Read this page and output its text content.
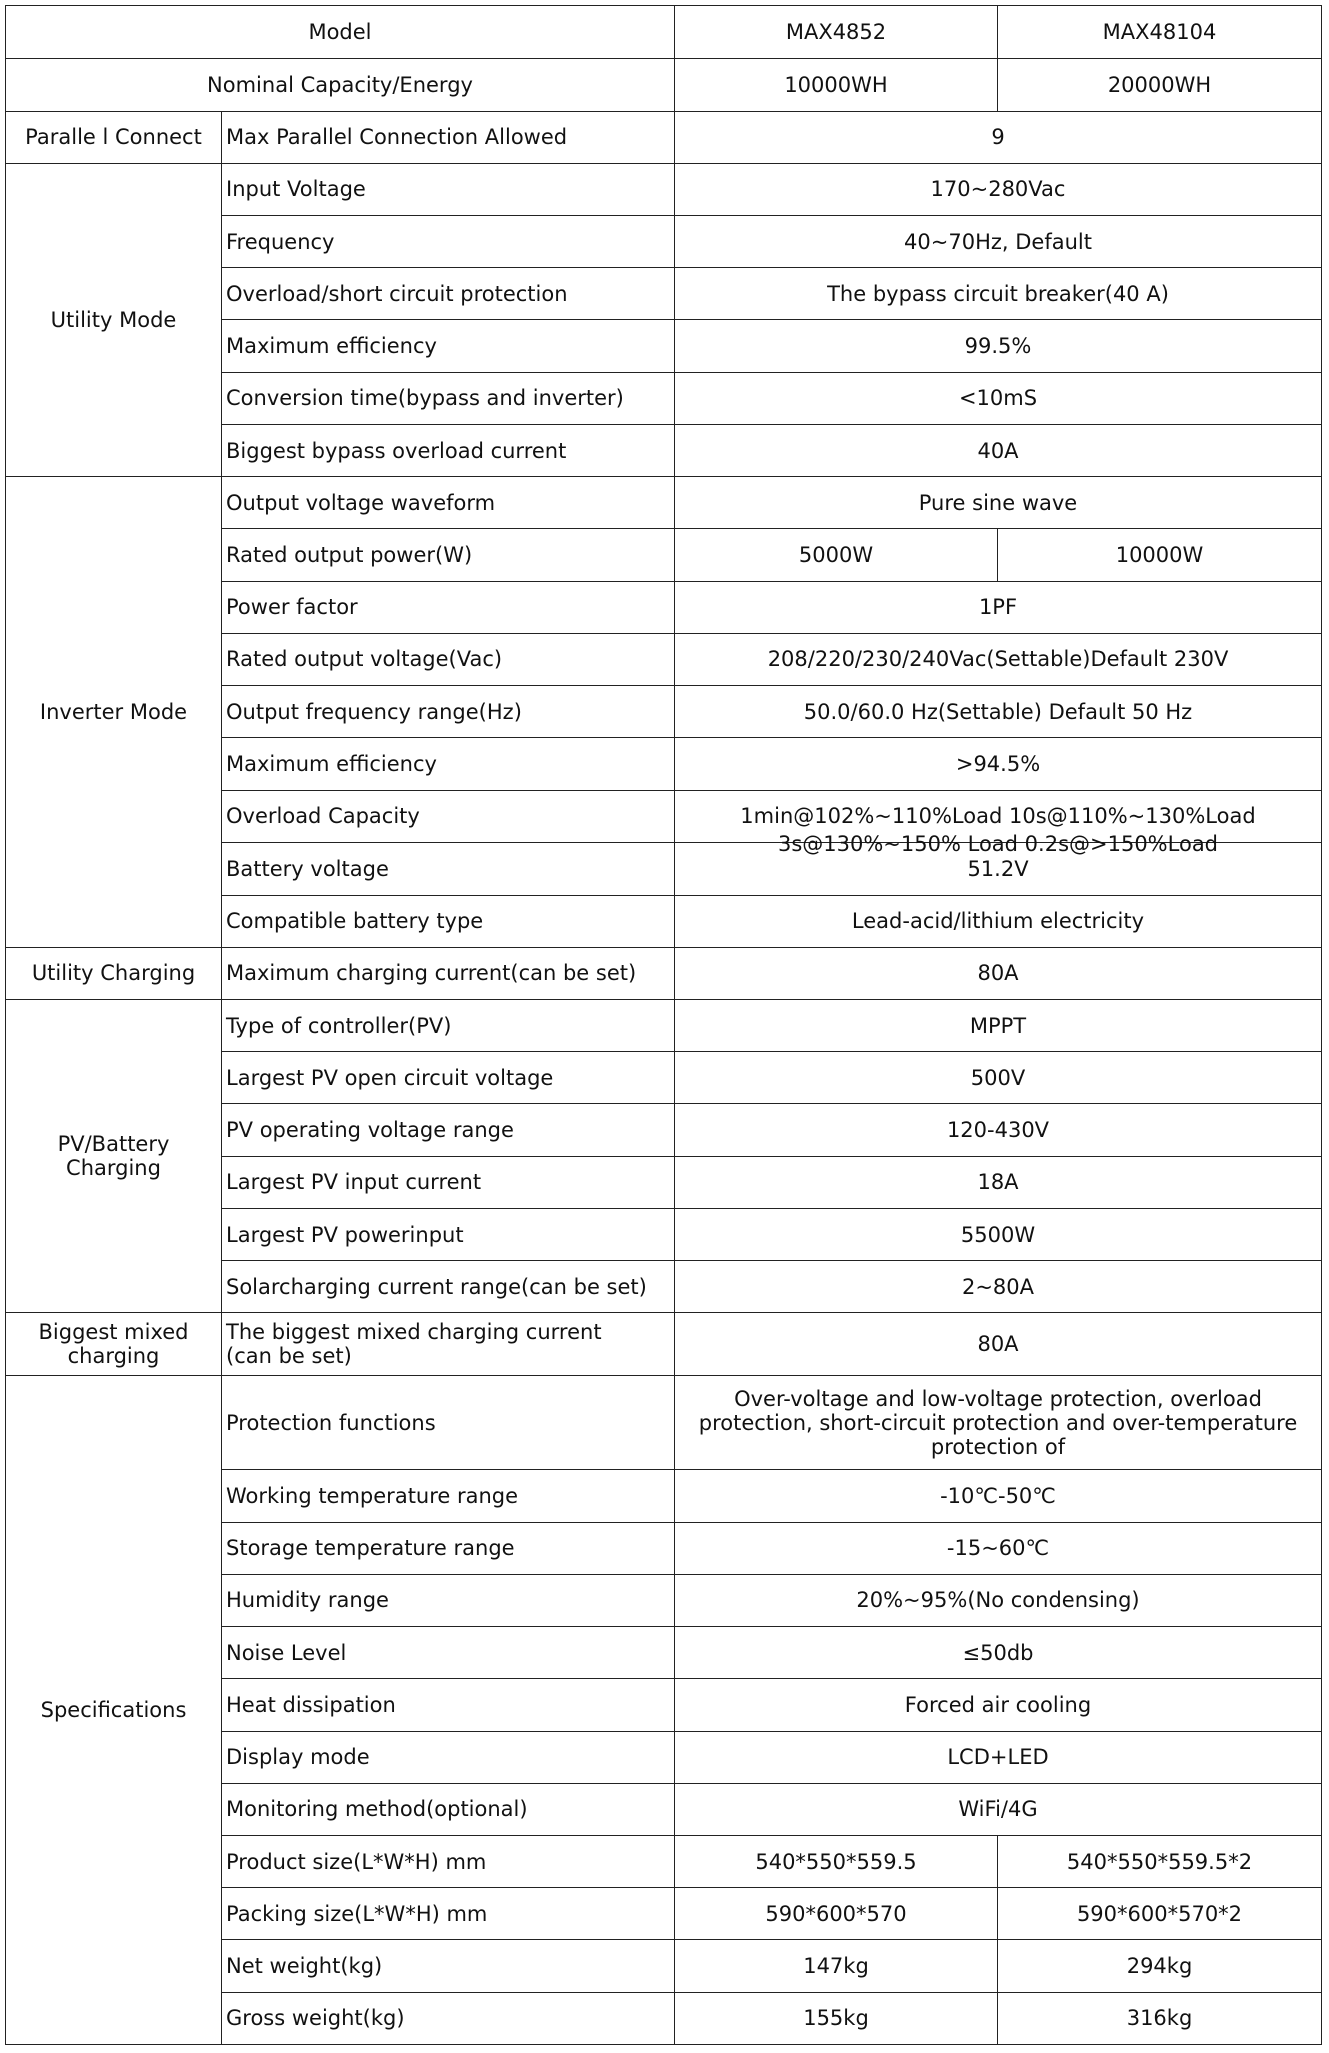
Model		MAX4852	MAX48104
Nominal Capacity/Energy		10000WH	20000WH
Paralle l Connect	Max Parallel Connection Allowed	9	
Utility Mode	Input Voltage	170~280Vac	
	Frequency	40~70Hz, Default	
	Overload/short circuit protection	The bypass circuit breaker(40 A)	
	Maximum efficiency	99.5%	
	Conversion time(bypass and inverter)	<10mS	
	Biggest bypass overload current	40A	
Inverter Mode	Output voltage waveform	Pure sine wave	
	Rated output power(W)	5000W	10000W
	Power factor	1PF	
	Rated output voltage(Vac)	208/220/230/240Vac(Settable)Default 230V	
	Output frequency range(Hz)	50.0/60.0 Hz(Settable) Default 50 Hz	
	Maximum efficiency	>94.5%	
	Overload Capacity	1min@102%~110%Load 10s@110%~130%Load 3s@130%~150% Load 0.2s@>150%Load	

	Battery voltage	51.2V	
	Compatible battery type	Lead-acid/lithium electricity	
Utility Charging	Maximum charging current(can be set)	80A	
PV/Battery Charging	Type of controller(PV)	MPPT	
	Largest PV open circuit voltage	500V	
	PV operating voltage range	120-430V	
	Largest PV input current	18A	
	Largest PV powerinput	5500W	
	Solarcharging current range(can be set)	2~80A	
Biggest mixed charging	The biggest mixed charging current (can be set)	80A	
Specifications	Protection functions	Over-voltage and low-voltage protection, overload protection, short-circuit protection and over-temperature protection of	
	Working temperature range	-10℃-50℃	
	Storage temperature range	-15~60℃	
	Humidity range	20%~95%(No condensing)	
	Noise Level	≤50db	
	Heat dissipation	Forced air cooling	
	Display mode	LCD+LED	
	Monitoring method(optional)	WiFi/4G	
	Product size(L*W*H) mm	540*550*559.5	540*550*559.5*2
	Packing size(L*W*H) mm	590*600*570	590*600*570*2
	Net weight(kg)	147kg	294kg
	Gross weight(kg)	155kg	316kg
